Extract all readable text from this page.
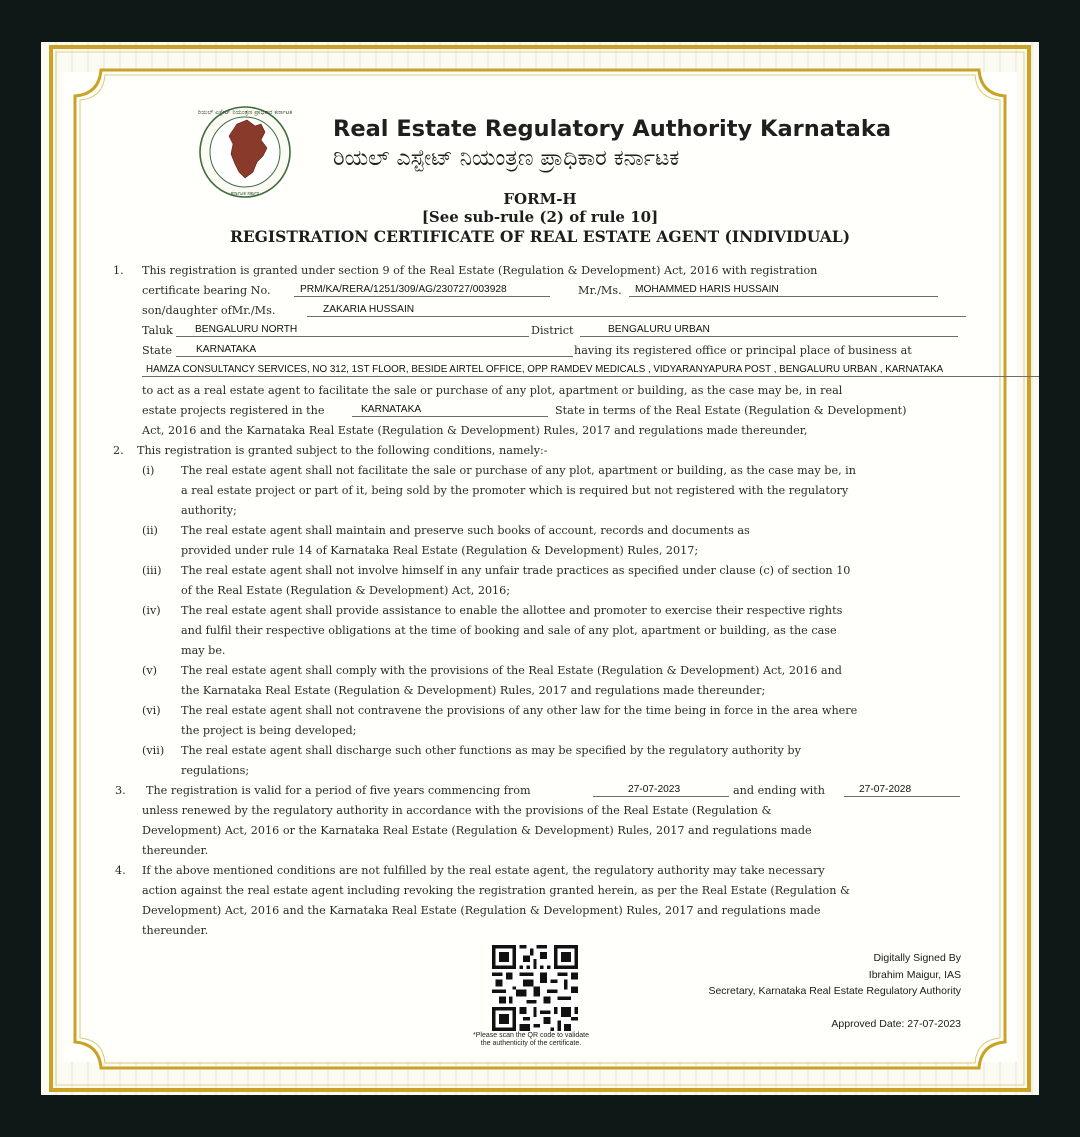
ರಿಯಲ್ ಎಸ್ಟೇಟ್ ನಿಯಂತ್ರಣ ಪ್ರಾಧಿಕಾರ ಕರ್ನಾಟಕ
ಕರ್ನಾಟಕ ಸರ್ಕಾರ
Real Estate Regulatory Authority Karnataka
ರಿಯಲ್ ಎಸ್ಟೇಟ್ ನಿಯಂತ್ರಣ ಪ್ರಾಧಿಕಾರ ಕರ್ನಾಟಕ
FORM-H
[See sub-rule (2) of rule 10]
REGISTRATION CERTIFICATE OF REAL ESTATE AGENT (INDIVIDUAL)
1. This registration is granted under section 9 of the Real Estate (Regulation & Development) Act, 2016 with registration
certificate bearing No.	PRM/KA/RERA/1251/309/AG/230727/003928	Mr./Ms. MOHAMMED HARIS HUSSAIN
son/daughter ofMr./Ms.	ZAKARIA HUSSAIN
Taluk BENGALURU NORTH	District	BENGALURU URBAN
State KARNATAKA	having its registered office or principal place of business at
HAMZA CONSULTANCY SERVICES, NO 312, 1ST FLOOR, BESIDE AIRTEL OFFICE, OPP RAMDEV MEDICALS , VIDYARANYAPURA POST , BENGALURU URBAN , KARNATAKA
to act as a real estate agent to facilitate the sale or purchase of any plot, apartment or building, as the case may be, in real
estate projects registered in the	KARNATAKA	State in terms of the Real Estate (Regulation & Development)
Act, 2016 and the Karnataka Real Estate (Regulation & Development) Rules, 2017 and regulations made thereunder,
2. This registration is granted subject to the following conditions, namely:-
(i) The real estate agent shall not facilitate the sale or purchase of any plot, apartment or building, as the case may be, in
a real estate project or part of it, being sold by the promoter which is required but not registered with the regulatory
authority;
(ii) The real estate agent shall maintain and preserve such books of account, records and documents as
provided under rule 14 of Karnataka Real Estate (Regulation & Development) Rules, 2017;
(iii) The real estate agent shall not involve himself in any unfair trade practices as specified under clause (c) of section 10
of the Real Estate (Regulation & Development) Act, 2016;
(iv) The real estate agent shall provide assistance to enable the allottee and promoter to exercise their respective rights
and fulfil their respective obligations at the time of booking and sale of any plot, apartment or building, as the case
may be.
(v) The real estate agent shall comply with the provisions of the Real Estate (Regulation & Development) Act, 2016 and
the Karnataka Real Estate (Regulation & Development) Rules, 2017 and regulations made thereunder;
(vi) The real estate agent shall not contravene the provisions of any other law for the time being in force in the area where
the project is being developed;
(vii) The real estate agent shall discharge such other functions as may be specified by the regulatory authority by
regulations;
3. The registration is valid for a period of five years commencing from	27-07-2023	and ending with	27-07-2028
unless renewed by the regulatory authority in accordance with the provisions of the Real Estate (Regulation &
Development) Act, 2016 or the Karnataka Real Estate (Regulation & Development) Rules, 2017 and regulations made
thereunder.
4. If the above mentioned conditions are not fulfilled by the real estate agent, the regulatory authority may take necessary
action against the real estate agent including revoking the registration granted herein, as per the Real Estate (Regulation &
Development) Act, 2016 and the Karnataka Real Estate (Regulation & Development) Rules, 2017 and regulations made
thereunder.
*Please scan the QR code to validate
the authenticity of the certificate.
Digitally Signed By
Ibrahim Maigur, IAS
Secretary, Karnataka Real Estate Regulatory Authority
Approved Date: 27-07-2023
